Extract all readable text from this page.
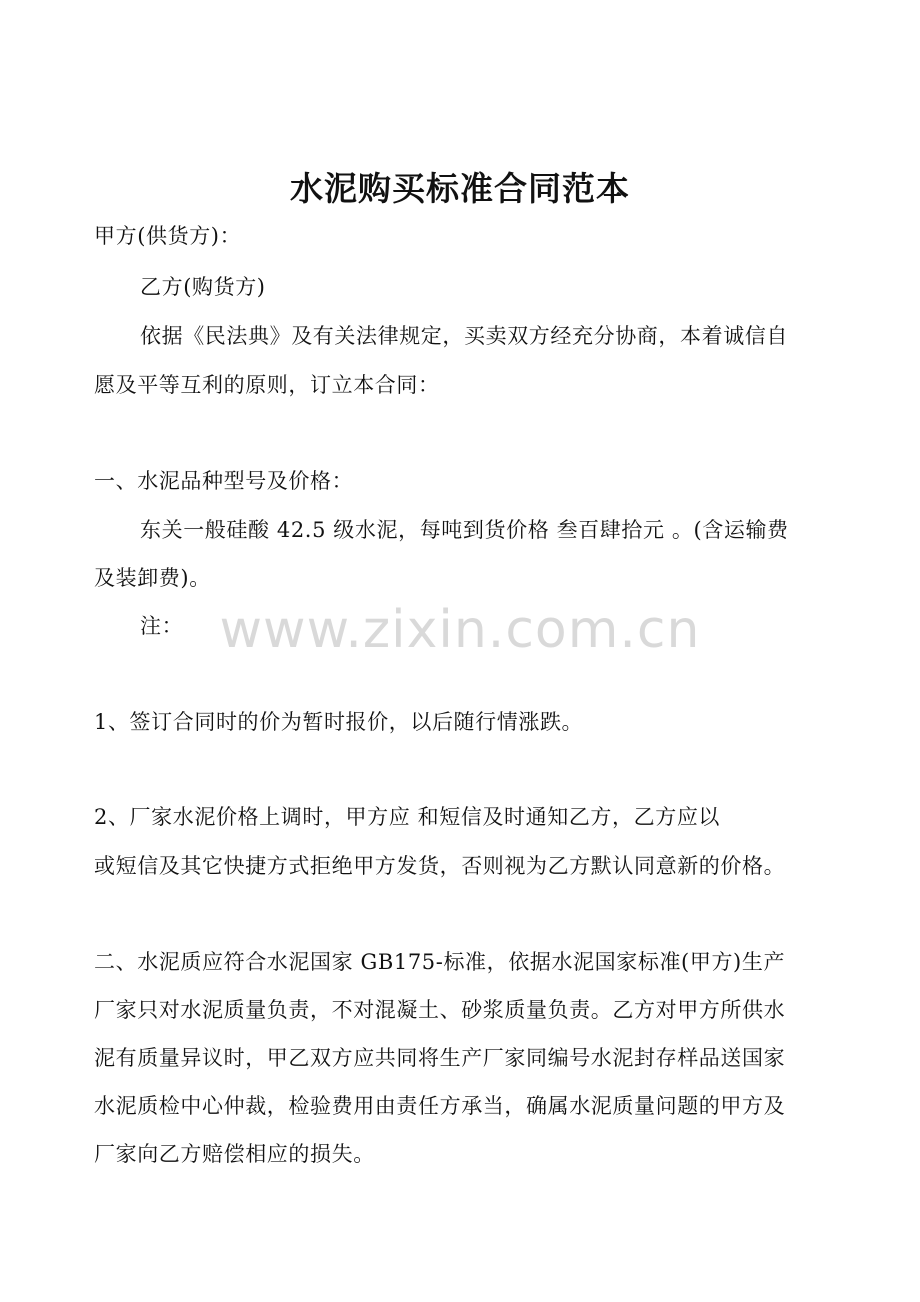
水泥购买标准合同范本
甲方(供货方)：
乙方(购货方)
依据《民法典》及有关法律规定，买卖双方经充分协商，本着诚信自
愿及平等互利的原则，订立本合同：
一、水泥品种型号及价格：
东关一般硅酸 42.5 级水泥，每吨到货价格 叁百肆拾元 。(含运输费
及装卸费)。
注： www.zixin.com.cn
1、签订合同时的价为暂时报价，以后随行情涨跌。
2、厂家水泥价格上调时，甲方应 和短信及时通知乙方，乙方应以
或短信及其它快捷方式拒绝甲方发货，否则视为乙方默认同意新的价格。
二、水泥质应符合水泥国家 GB175-标准，依据水泥国家标准(甲方)生产
厂家只对水泥质量负责，不对混凝土、砂浆质量负责。乙方对甲方所供水
泥有质量异议时，甲乙双方应共同将生产厂家同编号水泥封存样品送国家
水泥质检中心仲裁，检验费用由责任方承当，确属水泥质量问题的甲方及
厂家向乙方赔偿相应的损失。
